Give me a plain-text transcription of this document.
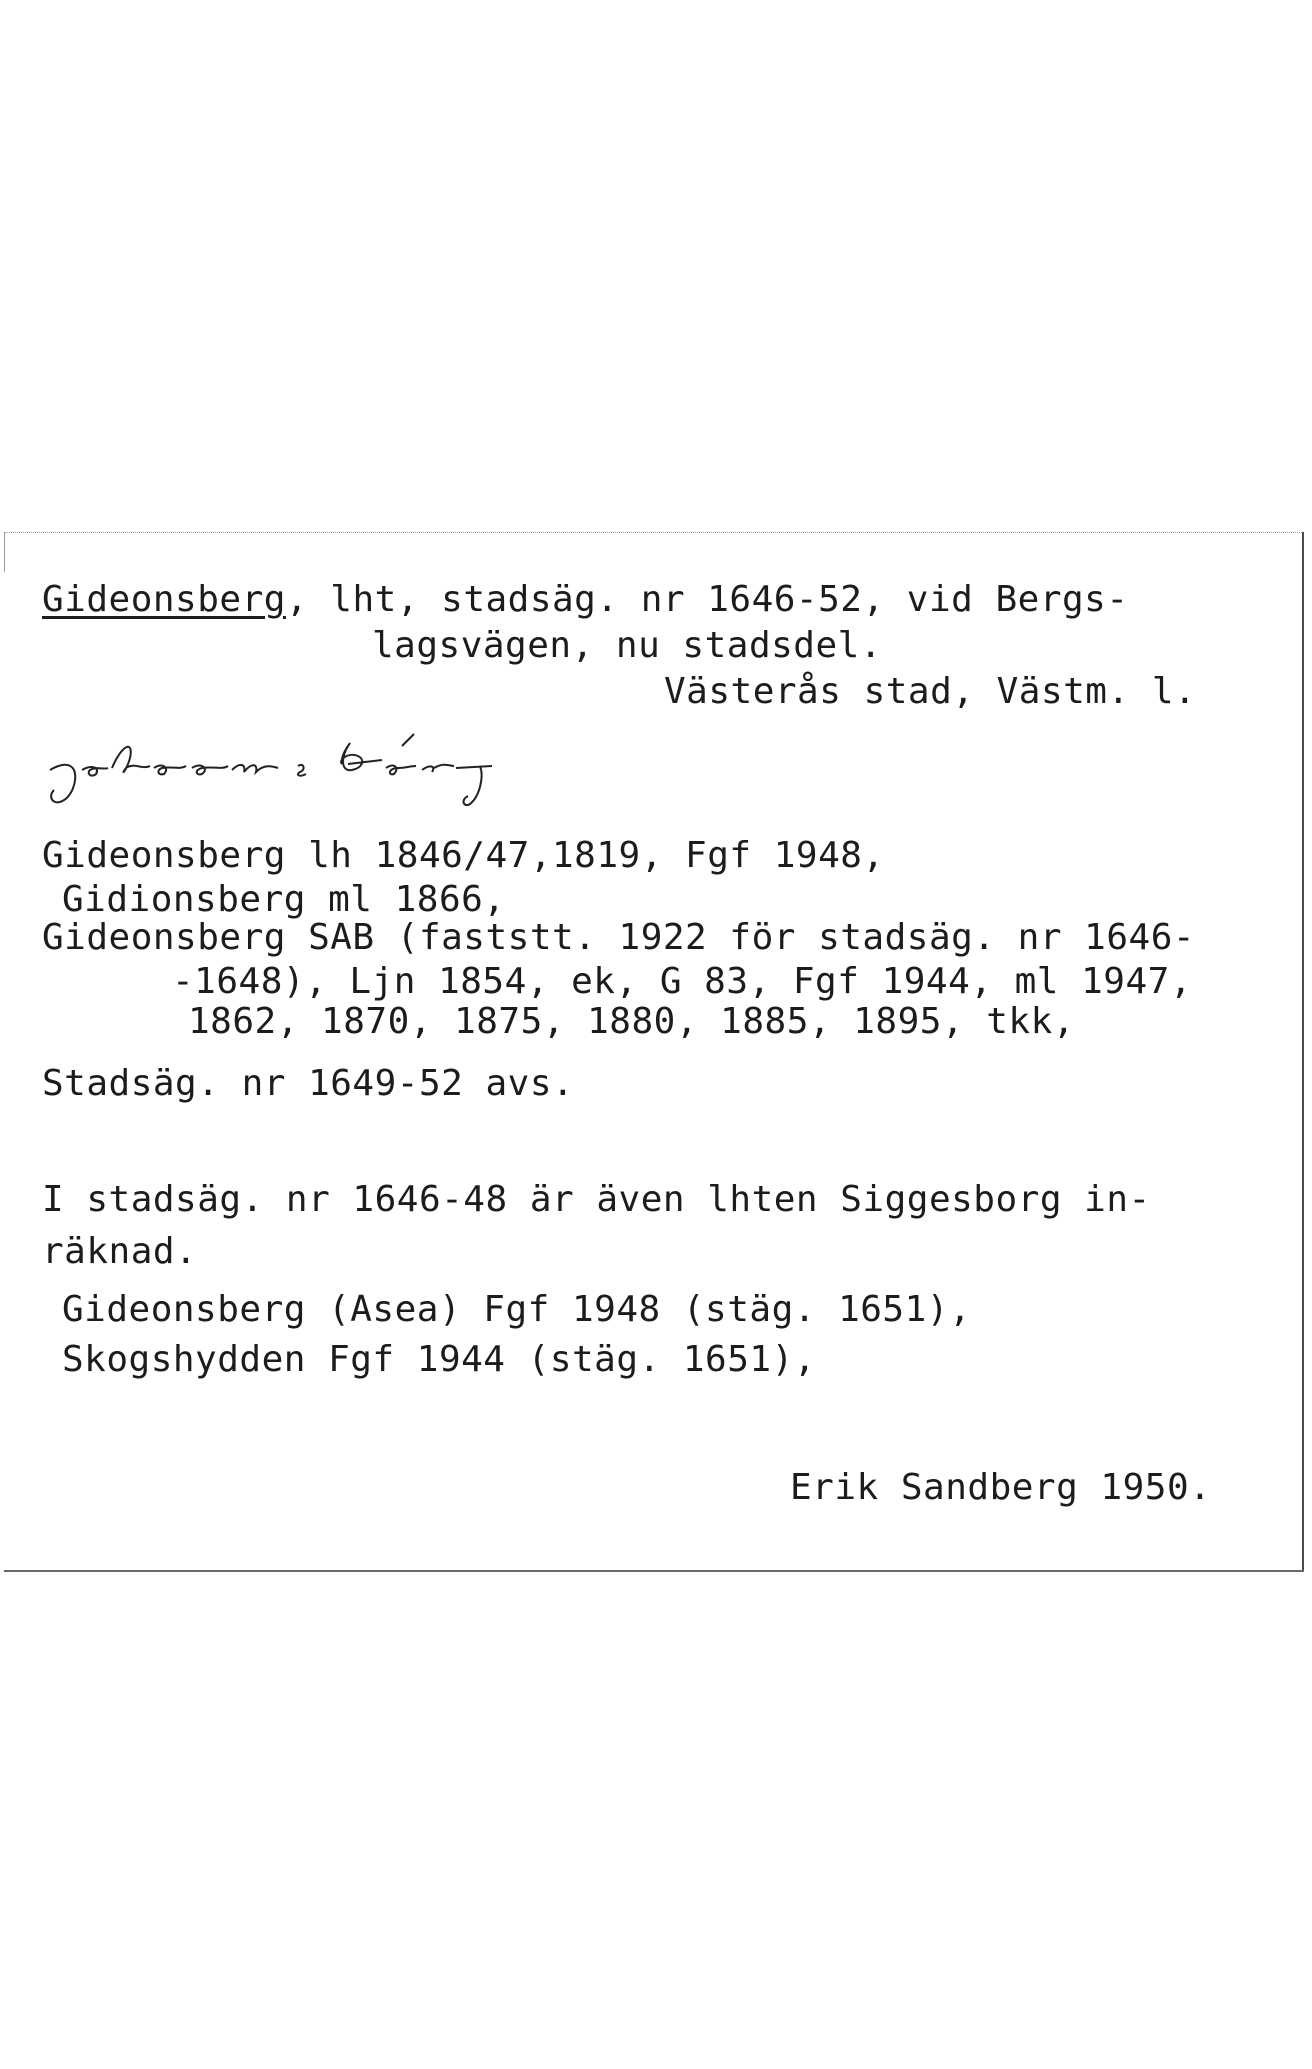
Gideonsberg, lht, stadsäg. nr 1646-52, vid Bergs-
lagsvägen, nu stadsdel.
Västerås stad, Västm. l.
Gideonsberg lh 1846/47,1819, Fgf 1948,
Gidionsberg ml 1866,
Gideonsberg SAB (faststt. 1922 för stadsäg. nr 1646-
-1648), Ljn 1854, ek, G 83, Fgf 1944, ml 1947,
1862, 1870, 1875, 1880, 1885, 1895, tkk,
Stadsäg. nr 1649-52 avs.
I stadsäg. nr 1646-48 är även lhten Siggesborg in-
räknad.
Gideonsberg (Asea) Fgf 1948 (stäg. 1651),
Skogshydden Fgf 1944 (stäg. 1651),
Erik Sandberg 1950.
